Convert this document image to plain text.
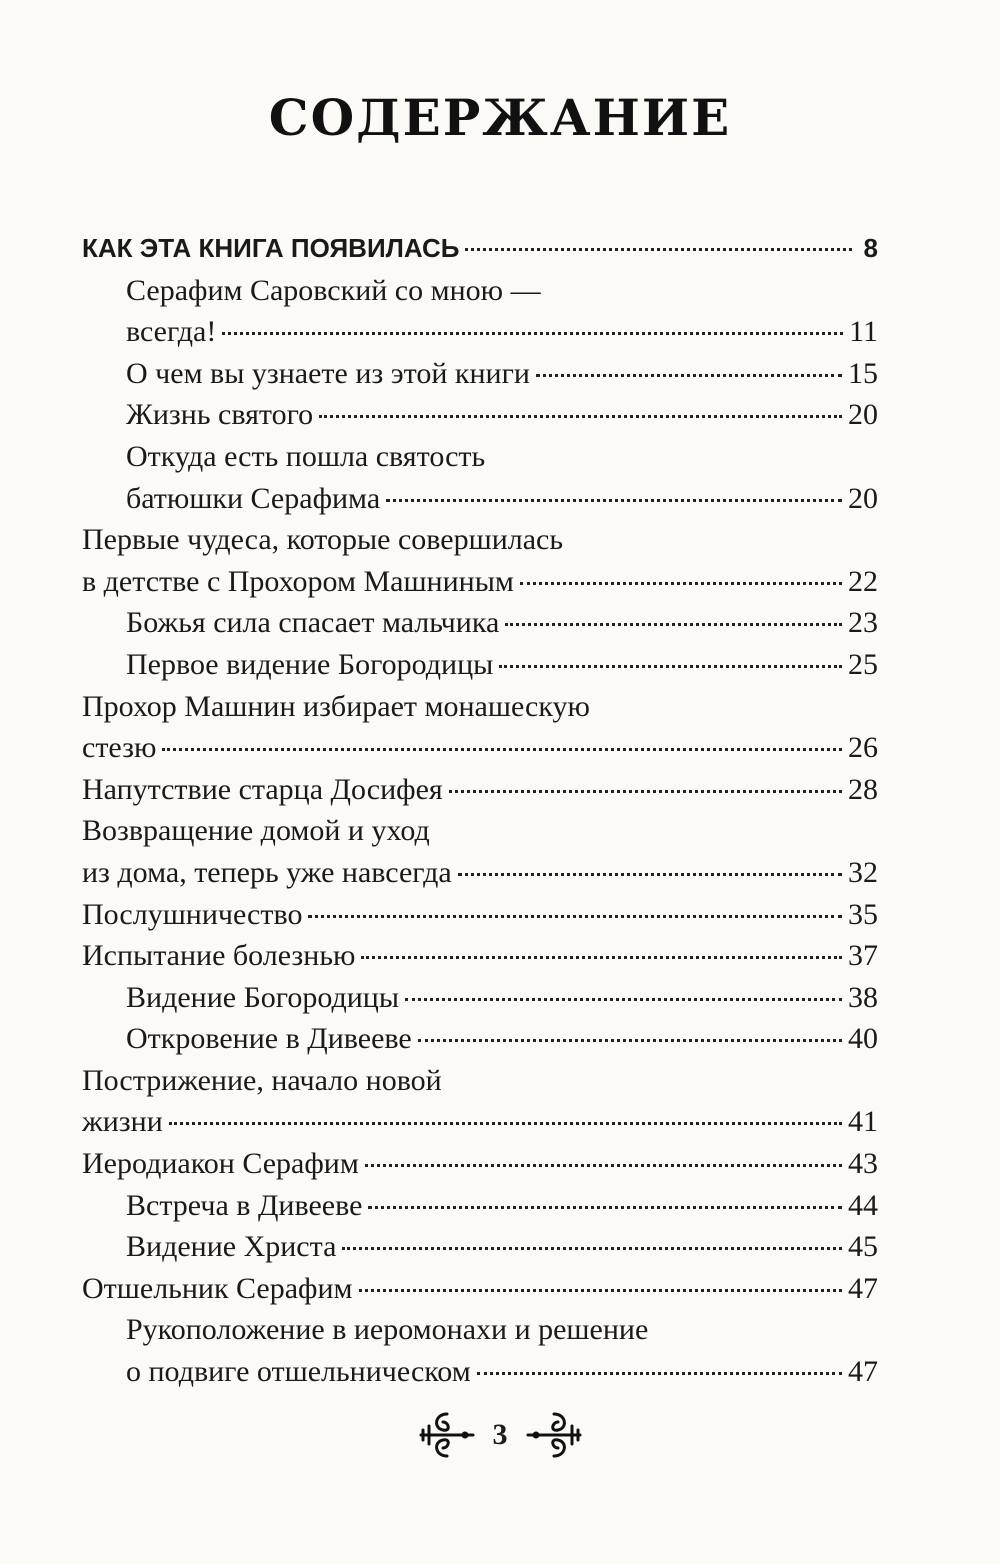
СОДЕРЖАНИЕ
КАК ЭТА КНИГА ПОЯВИЛАСЬ	8
Серафим Саровский со мною —
всегда!	11
О чем вы узнаете из этой книги	15
Жизнь святого	20
Откуда есть пошла святость
батюшки Серафима	20
Первые чудеса, которые совершилась
в детстве с Прохором Машниным	22
Божья сила спасает мальчика	23
Первое видение Богородицы	25
Прохор Машнин избирает монашескую
стезю	26
Напутствие старца Досифея	28
Возвращение домой и уход
из дома, теперь уже навсегда	32
Послушничество	35
Испытание болезнью	37
Видение Богородицы	38
Откровение в Дивееве	40
Пострижение, начало новой
жизни	41
Иеродиакон Серафим	43
Встреча в Дивееве	44
Видение Христа	45
Отшельник Серафим	47
Рукоположение в иеромонахи и решение
о подвиге отшельническом	47
3
